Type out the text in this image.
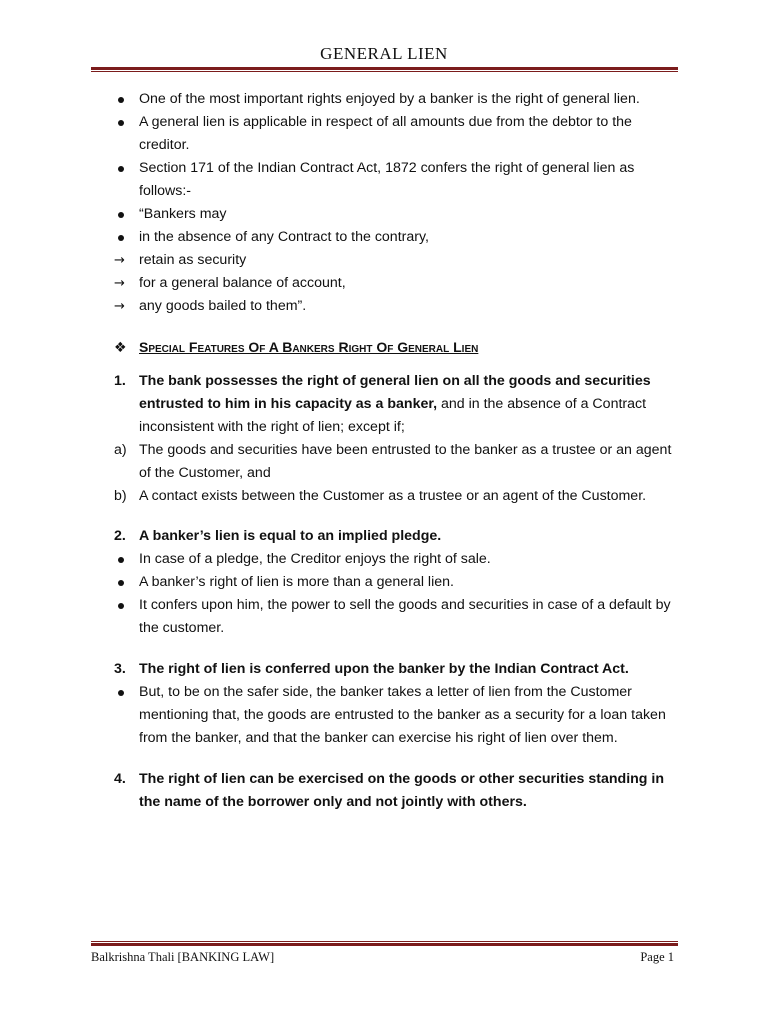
GENERAL LIEN
One of the most important rights enjoyed by a banker is the right of general lien.
A general lien is applicable in respect of all amounts due from the debtor to the creditor.
Section 171 of the Indian Contract Act, 1872 confers the right of general lien as follows:-
“Bankers may
in the absence of any Contract to the contrary,
→ retain as security
→ for a general balance of account,
→ any goods bailed to them”.
❖ Special Features Of A Bankers Right Of General Lien
1. The bank possesses the right of general lien on all the goods and securities entrusted to him in his capacity as a banker, and in the absence of a Contract inconsistent with the right of lien; except if;
a) The goods and securities have been entrusted to the banker as a trustee or an agent of the Customer, and
b) A contact exists between the Customer as a trustee or an agent of the Customer.
2. A banker’s lien is equal to an implied pledge.
In case of a pledge, the Creditor enjoys the right of sale.
A banker’s right of lien is more than a general lien.
It confers upon him, the power to sell the goods and securities in case of a default by the customer.
3. The right of lien is conferred upon the banker by the Indian Contract Act.
But, to be on the safer side, the banker takes a letter of lien from the Customer mentioning that, the goods are entrusted to the banker as a security for a loan taken from the banker, and that the banker can exercise his right of lien over them.
4. The right of lien can be exercised on the goods or other securities standing in the name of the borrower only and not jointly with others.
Balkrishna Thali [BANKING LAW]	Page 1
